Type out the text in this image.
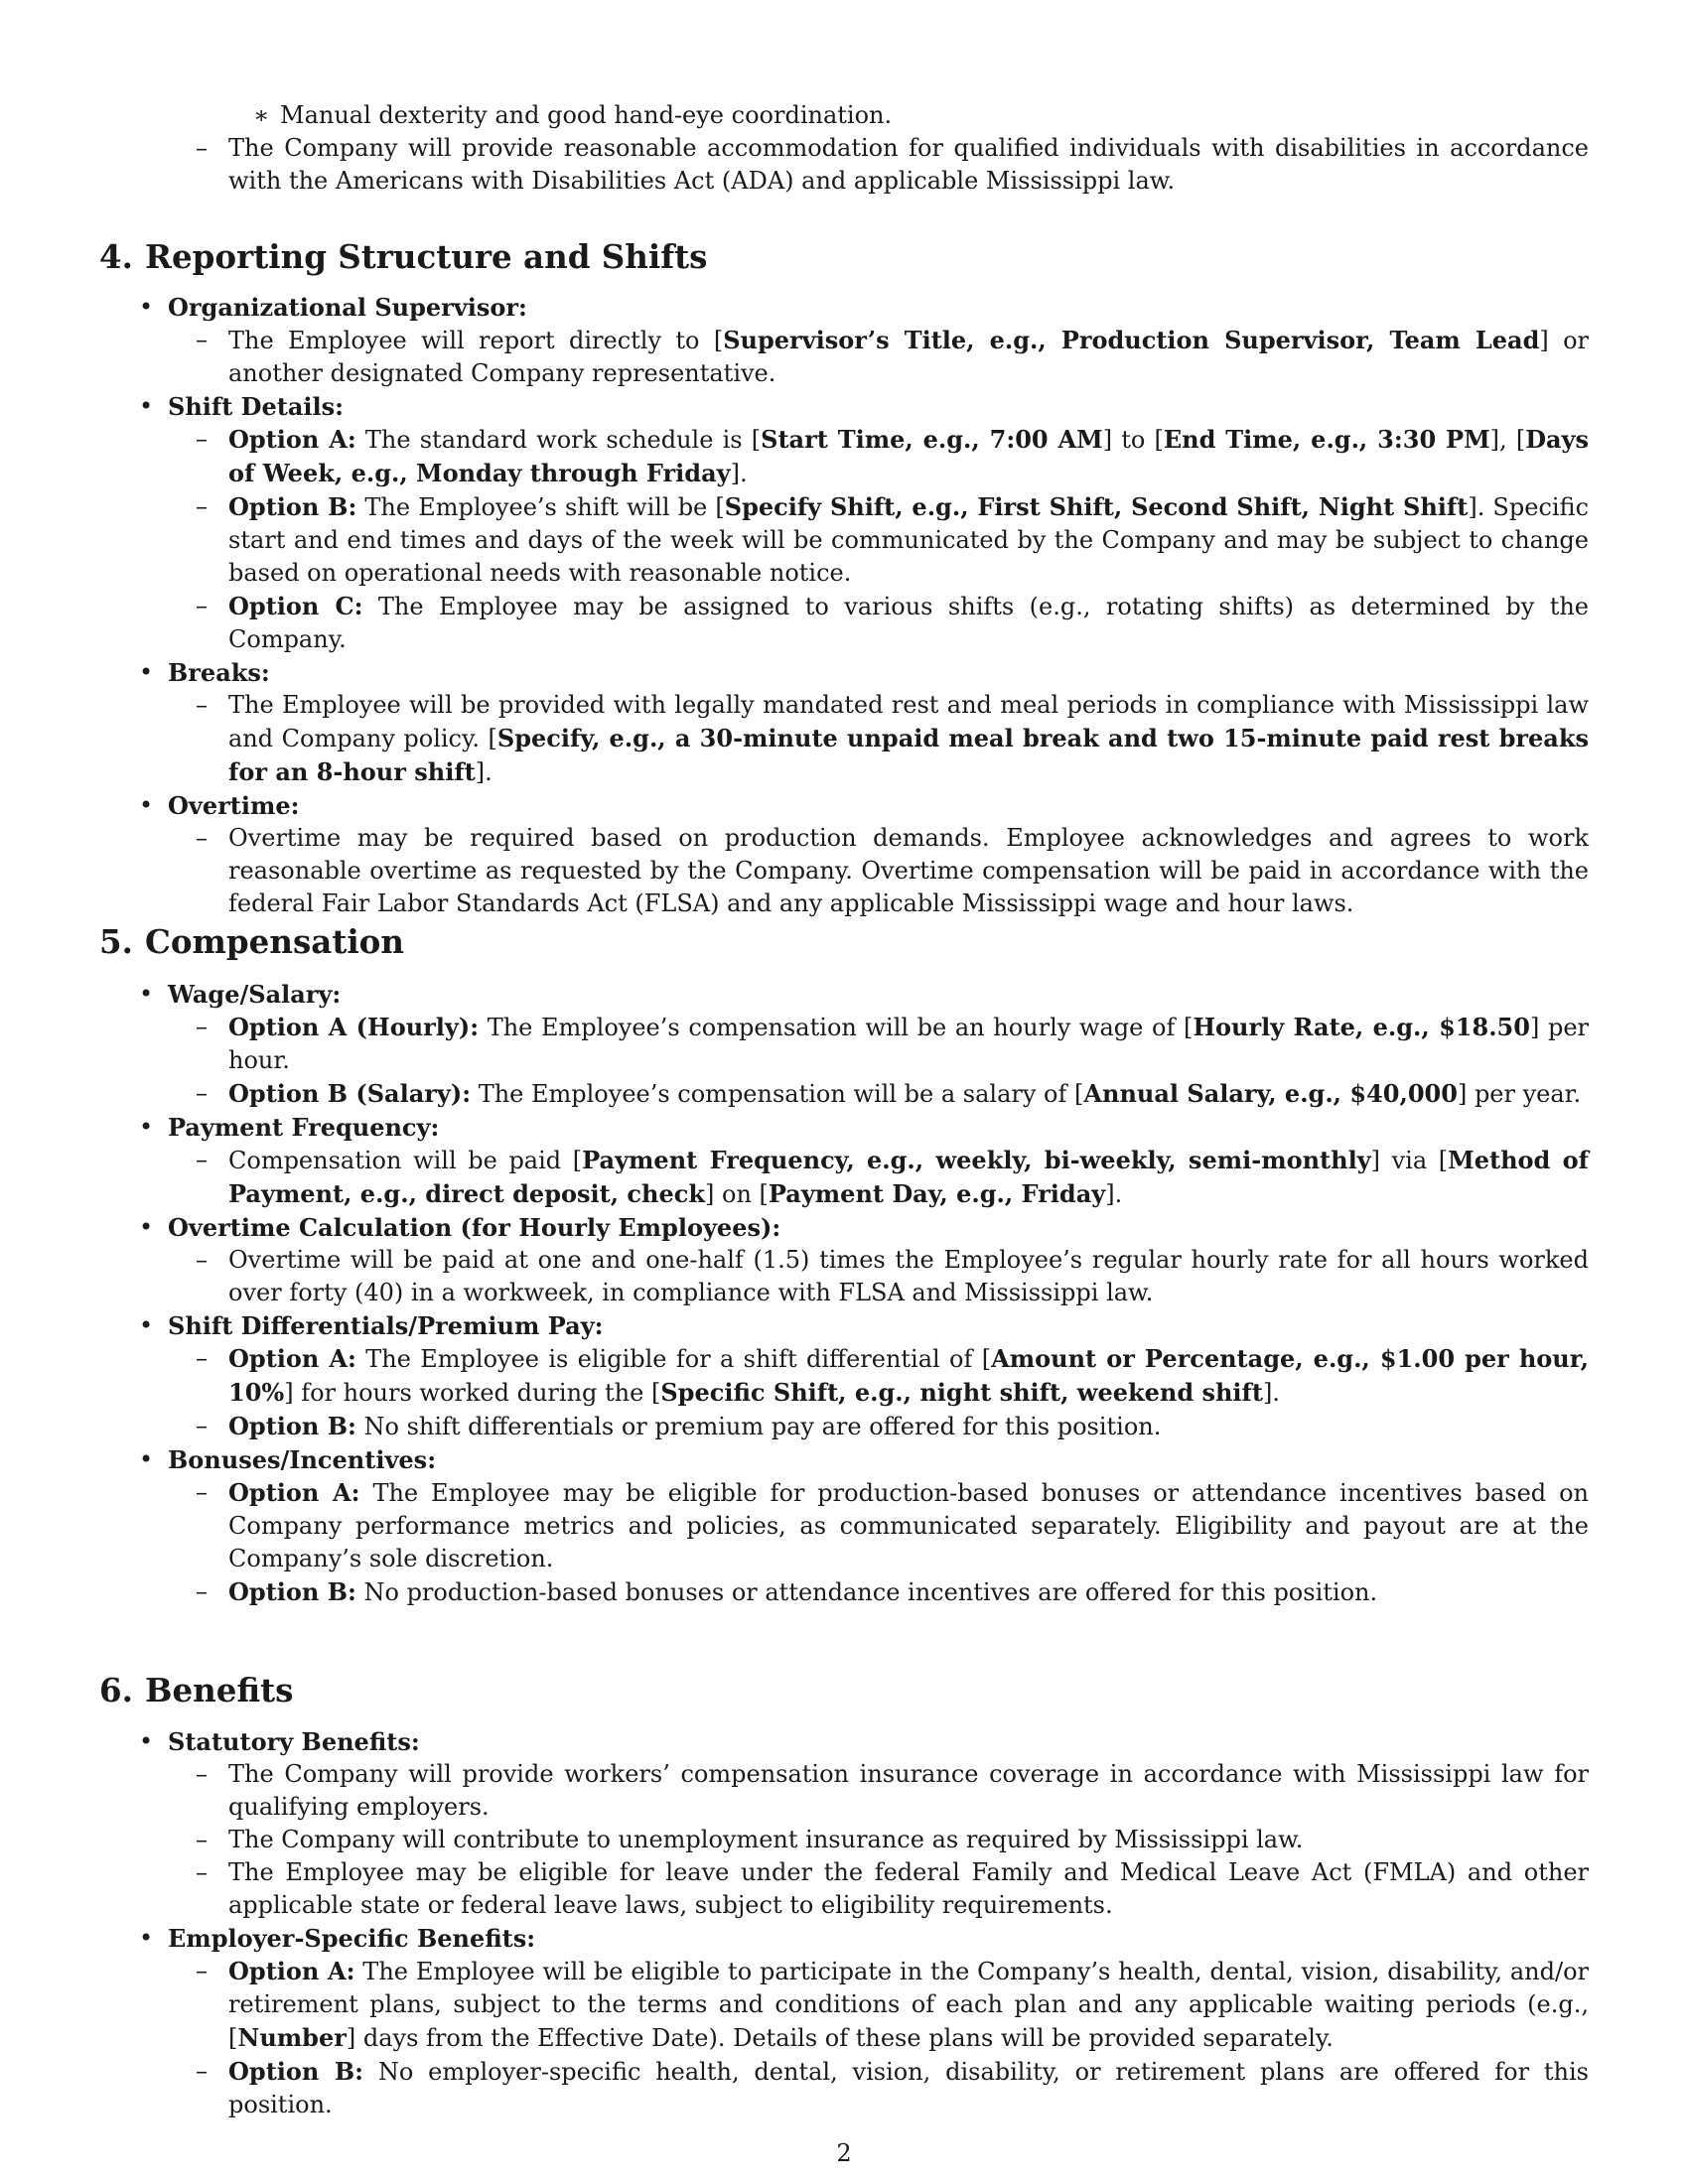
∗ Manual dexterity and good hand-eye coordination.

– The Company will provide reasonable accommodation for qualified individuals with disabilities in accordance with the Americans with Disabilities Act (ADA) and applicable Mississippi law.

4. Reporting Structure and Shifts

• Organizational Supervisor:

– The Employee will report directly to [Supervisor’s Title, e.g., Production Supervisor, Team Lead] or another designated Company representative.

• Shift Details:

– Option A: The standard work schedule is [Start Time, e.g., 7:00 AM] to [End Time, e.g., 3:30 PM], [Days of Week, e.g., Monday through Friday].

– Option B: The Employee’s shift will be [Specify Shift, e.g., First Shift, Second Shift, Night Shift]. Specific start and end times and days of the week will be communicated by the Company and may be subject to change based on operational needs with reasonable notice.

– Option C: The Employee may be assigned to various shifts (e.g., rotating shifts) as determined by the Company.

• Breaks:

– The Employee will be provided with legally mandated rest and meal periods in compliance with Mississippi law and Company policy. [Specify, e.g., a 30-minute unpaid meal break and two 15-minute paid rest breaks for an 8-hour shift].

• Overtime:

– Overtime may be required based on production demands. Employee acknowledges and agrees to work reasonable overtime as requested by the Company. Overtime compensation will be paid in accordance with the federal Fair Labor Standards Act (FLSA) and any applicable Mississippi wage and hour laws.

5. Compensation

• Wage/Salary:

– Option A (Hourly): The Employee’s compensation will be an hourly wage of [Hourly Rate, e.g., $18.50] per hour.

– Option B (Salary): The Employee’s compensation will be a salary of [Annual Salary, e.g., $40,000] per year.

• Payment Frequency:

– Compensation will be paid [Payment Frequency, e.g., weekly, bi-weekly, semi-monthly] via [Method of Payment, e.g., direct deposit, check] on [Payment Day, e.g., Friday].

• Overtime Calculation (for Hourly Employees):

– Overtime will be paid at one and one-half (1.5) times the Employee’s regular hourly rate for all hours worked over forty (40) in a workweek, in compliance with FLSA and Mississippi law.

• Shift Differentials/Premium Pay:

– Option A: The Employee is eligible for a shift differential of [Amount or Percentage, e.g., $1.00 per hour, 10%] for hours worked during the [Specific Shift, e.g., night shift, weekend shift].

– Option B: No shift differentials or premium pay are offered for this position.

• Bonuses/Incentives:

– Option A: The Employee may be eligible for production-based bonuses or attendance incentives based on Company performance metrics and policies, as communicated separately. Eligibility and payout are at the Company’s sole discretion.

– Option B: No production-based bonuses or attendance incentives are offered for this position.

6. Benefits

• Statutory Benefits:

– The Company will provide workers’ compensation insurance coverage in accordance with Mississippi law for qualifying employers.

– The Company will contribute to unemployment insurance as required by Mississippi law.

– The Employee may be eligible for leave under the federal Family and Medical Leave Act (FMLA) and other applicable state or federal leave laws, subject to eligibility requirements.

• Employer-Specific Benefits:

– Option A: The Employee will be eligible to participate in the Company’s health, dental, vision, disability, and/or retirement plans, subject to the terms and conditions of each plan and any applicable waiting periods (e.g., [Number] days from the Effective Date). Details of these plans will be provided separately.

– Option B: No employer-specific health, dental, vision, disability, or retirement plans are offered for this position.

2
